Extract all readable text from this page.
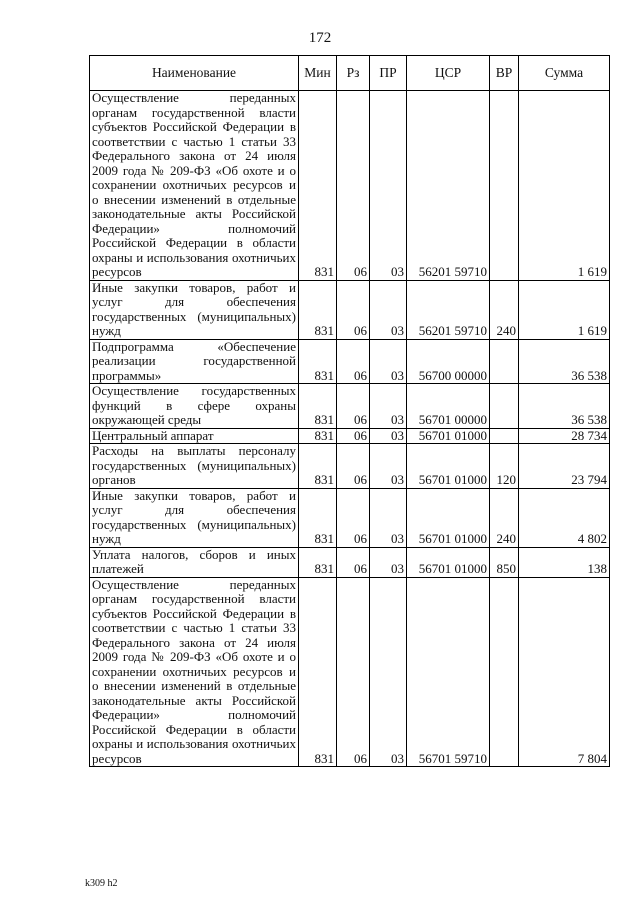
172
Наименование	Мин	Рз	ПР	ЦСР	ВР	Сумма
Осуществление переданных органам государственной власти субъектов Российской Федерации в соответствии с частью 1 статьи 33 Федерального закона от 24 июля 2009 года № 209-ФЗ «Об охоте и о сохранении охотничьих ресурсов и о внесении изменений в отдельные законодательные акты Российской Федерации» полномочий Российской Федерации в области охраны и использования охотничьих ресурсов	831	06	03	56201 59710		1 619
Иные закупки товаров, работ и услуг для обеспечения государственных (муниципальных) нужд	831	06	03	56201 59710	240	1 619
Подпрограмма «Обеспечение реализации государственной программы»	831	06	03	56700 00000		36 538
Осуществление государственных функций в сфере охраны окружающей среды	831	06	03	56701 00000		36 538
Центральный аппарат	831	06	03	56701 01000		28 734
Расходы на выплаты персоналу государственных (муниципальных) органов	831	06	03	56701 01000	120	23 794
Иные закупки товаров, работ и услуг для обеспечения государственных (муниципальных) нужд	831	06	03	56701 01000	240	4 802
Уплата налогов, сборов и иных платежей	831	06	03	56701 01000	850	138
Осуществление переданных органам государственной власти субъектов Российской Федерации в соответствии с частью 1 статьи 33 Федерального закона от 24 июля 2009 года № 209-ФЗ «Об охоте и о сохранении охотничьих ресурсов и о внесении изменений в отдельные законодательные акты Российской Федерации» полномочий Российской Федерации в области охраны и использования охотничьих ресурсов	831	06	03	56701 59710		7 804
k309 h2
